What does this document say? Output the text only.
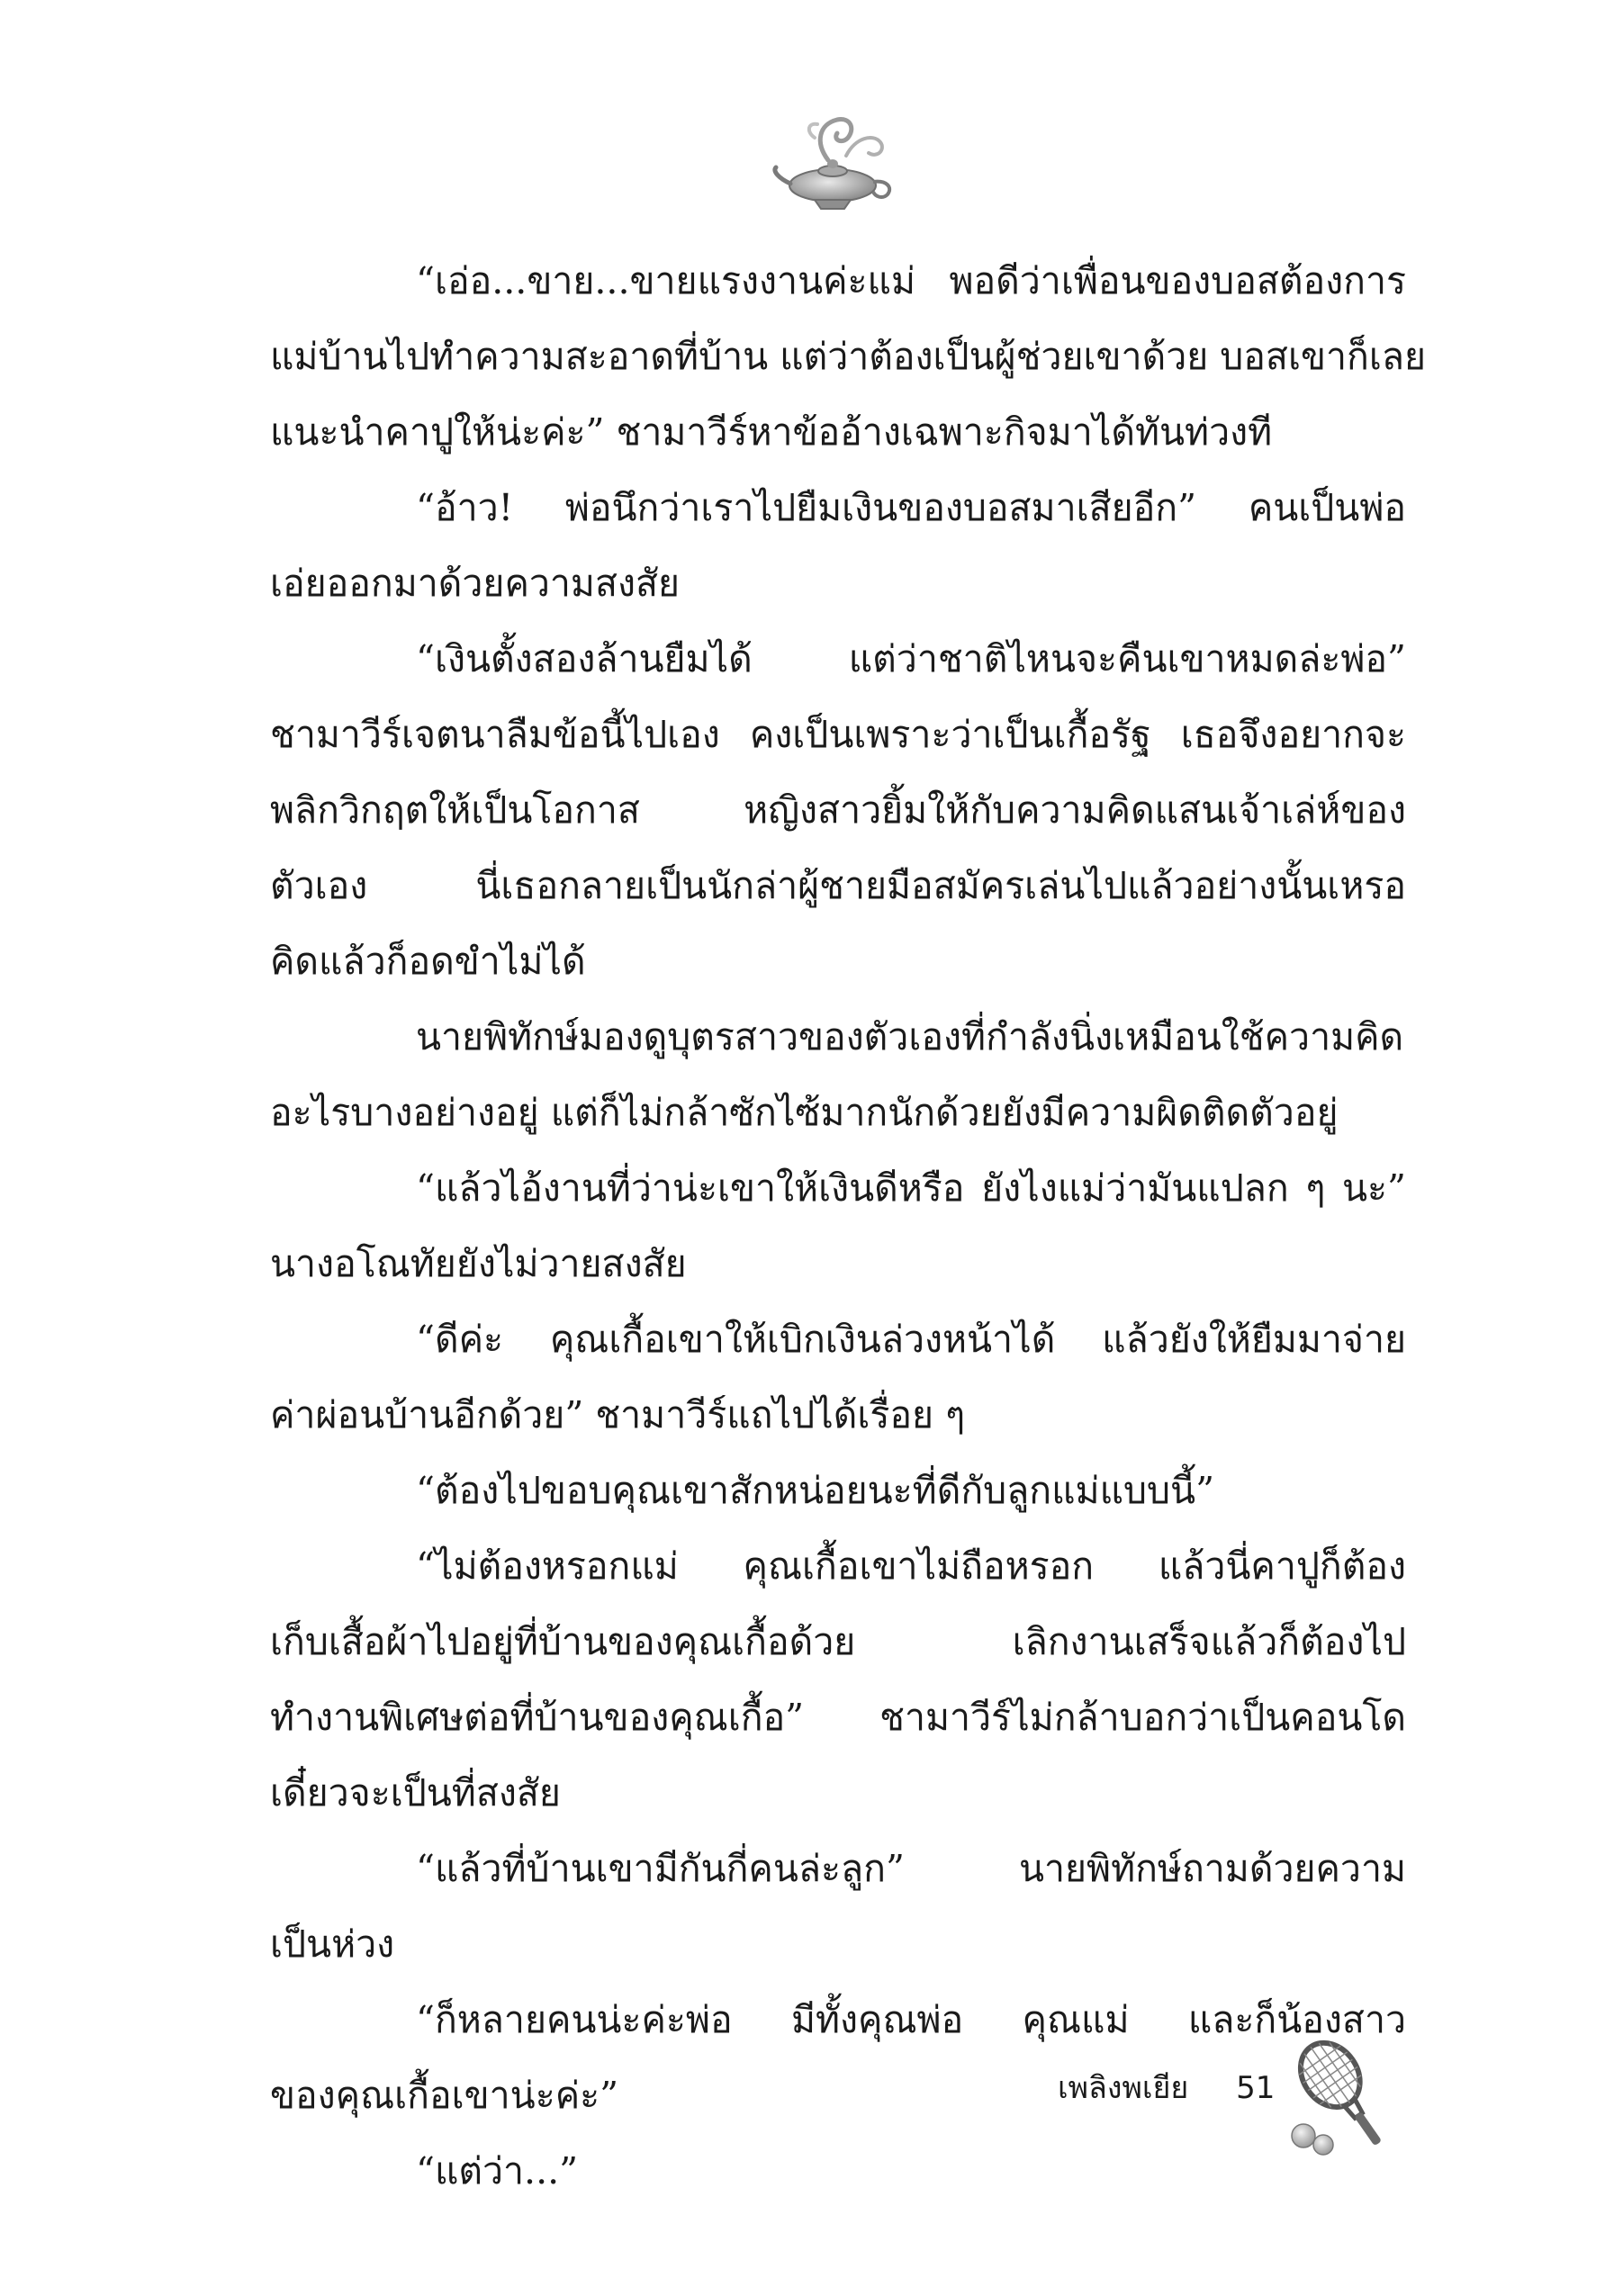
“เอ่อ...ขาย...ขายแรงงานค่ะแม่ พอดีว่าเพื่อนของบอสต้องการ
แม่บ้านไปทำความสะอาดที่บ้าน แต่ว่าต้องเป็นผู้ช่วยเขาด้วย บอสเขาก็เลย
แนะนำคาปูให้น่ะค่ะ” ชามาวีร์หาข้ออ้างเฉพาะกิจมาได้ทันท่วงที
“อ้าว! พ่อนึกว่าเราไปยืมเงินของบอสมาเสียอีก” คนเป็นพ่อ
เอ่ยออกมาด้วยความสงสัย
“เงินตั้งสองล้านยืมได้ แต่ว่าชาติไหนจะคืนเขาหมดล่ะพ่อ”
ชามาวีร์เจตนาลืมข้อนี้ไปเอง คงเป็นเพราะว่าเป็นเกื้อรัฐ เธอจึงอยากจะ
พลิกวิกฤตให้เป็นโอกาส หญิงสาวยิ้มให้กับความคิดแสนเจ้าเล่ห์ของ
ตัวเอง นี่เธอกลายเป็นนักล่าผู้ชายมือสมัครเล่นไปแล้วอย่างนั้นเหรอ
คิดแล้วก็อดขำไม่ได้
นายพิทักษ์มองดูบุตรสาวของตัวเองที่กำลังนิ่งเหมือนใช้ความคิด
อะไรบางอย่างอยู่ แต่ก็ไม่กล้าซักไซ้มากนักด้วยยังมีความผิดติดตัวอยู่
“แล้วไอ้งานที่ว่าน่ะเขาให้เงินดีหรือ ยังไงแม่ว่ามันแปลก ๆ นะ”
นางอโณทัยยังไม่วายสงสัย
“ดีค่ะ คุณเกื้อเขาให้เบิกเงินล่วงหน้าได้ แล้วยังให้ยืมมาจ่าย
ค่าผ่อนบ้านอีกด้วย” ชามาวีร์แถไปได้เรื่อย ๆ
“ต้องไปขอบคุณเขาสักหน่อยนะที่ดีกับลูกแม่แบบนี้”
“ไม่ต้องหรอกแม่ คุณเกื้อเขาไม่ถือหรอก แล้วนี่คาปูก็ต้อง
เก็บเสื้อผ้าไปอยู่ที่บ้านของคุณเกื้อด้วย เลิกงานเสร็จแล้วก็ต้องไป
ทำงานพิเศษต่อที่บ้านของคุณเกื้อ” ชามาวีร์ไม่กล้าบอกว่าเป็นคอนโด
เดี๋ยวจะเป็นที่สงสัย
“แล้วที่บ้านเขามีกันกี่คนล่ะลูก” นายพิทักษ์ถามด้วยความ
เป็นห่วง
“ก็หลายคนน่ะค่ะพ่อ มีทั้งคุณพ่อ คุณแม่ และก็น้องสาว
ของคุณเกื้อเขาน่ะค่ะ”
“แต่ว่า...”
เพลิงพเยีย 51
